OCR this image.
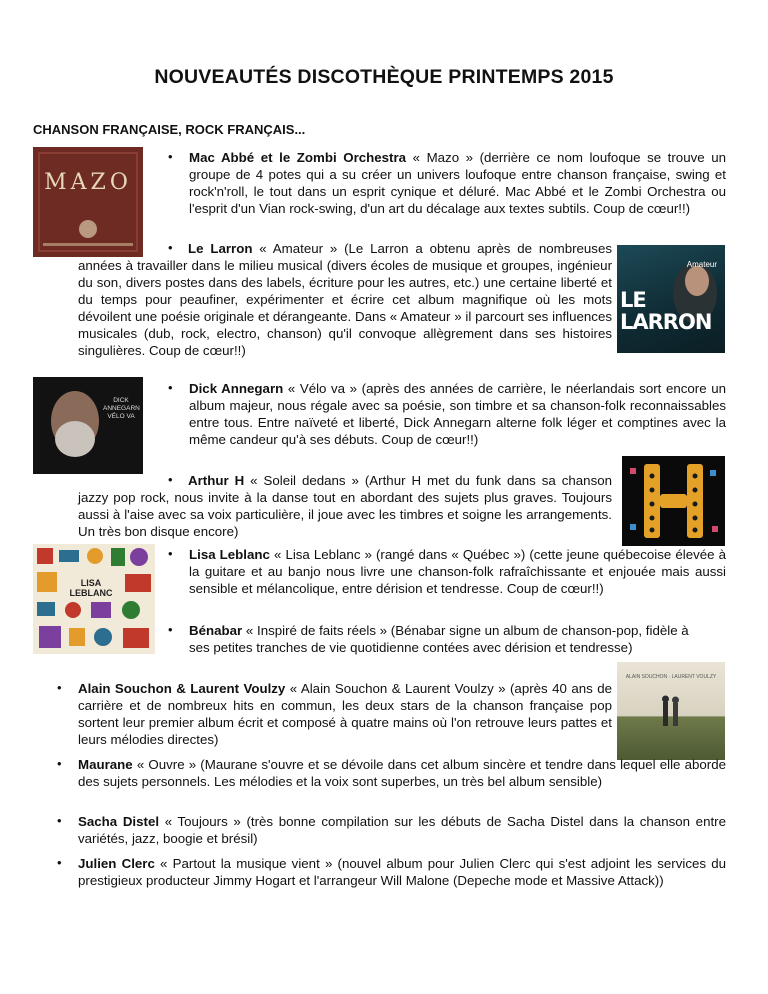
NOUVEAUTÉS DISCOTHÈQUE PRINTEMPS 2015
CHANSON FRANÇAISE, ROCK FRANÇAIS...
MAZO
• Mac Abbé et le Zombi Orchestra « Mazo » (derrière ce nom loufoque se trouve un groupe de 4 potes qui a su créer un univers loufoque entre chanson française, swing et rock'n'roll, le tout dans un esprit cynique et déluré. Mac Abbé et le Zombi Orchestra ou l'esprit d'un Vian rock-swing, d'un art du décalage aux textes subtils. Coup de cœur!!)
Amateur
LE LARRON
•	Le Larron « Amateur » (Le Larron a obtenu après de nombreuses années à travailler dans le milieu musical (divers écoles de musique et groupes, ingénieur du son, divers postes dans des labels, écriture pour les autres, etc.) une certaine liberté et du temps pour peaufiner, expérimenter et écrire cet album magnifique où les mots dévoilent une poésie originale et dérangeante. Dans « Amateur » il parcourt ses influences musicales (dub, rock, electro, chanson) qu'il convoque allègrement dans ses histoires singulières. Coup de cœur!!)
DICK ANNEGARN VÉLO VA
• Dick Annegarn « Vélo va » (après des années de carrière, le néerlandais sort encore un album majeur, nous régale avec sa poésie, son timbre et sa chanson-folk reconnaissables entre tous. Entre naïveté et liberté, Dick Annegarn alterne folk léger et comptines avec la même candeur qu'à ses débuts. Coup de cœur!!)
•	Arthur H « Soleil dedans » (Arthur H met du funk dans sa chanson jazzy pop rock, nous invite à la danse tout en abordant des sujets plus graves. Toujours aussi à l'aise avec sa voix particulière, il joue avec les timbres et soigne les arrangements. Un très bon disque encore)
LISA LEBLANC
• Lisa Leblanc « Lisa Leblanc » (rangé dans « Québec ») (cette jeune québecoise élevée à la guitare et au banjo nous livre une chanson-folk rafraîchissante et enjouée mais aussi sensible et mélancolique, entre dérision et tendresse. Coup de cœur!!)
• Bénabar « Inspiré de faits réels » (Bénabar signe un album de chanson-pop, fidèle à ses petites tranches de vie quotidienne contées avec dérision et tendresse)
ALAIN SOUCHON · LAURENT VOULZY
• Alain Souchon & Laurent Voulzy « Alain Souchon & Laurent Voulzy » (après 40 ans de carrière et de nombreux hits en commun, les deux stars de la chanson française pop sortent leur premier album écrit et composé à quatre mains où l'on retrouve leurs pattes et leurs mélodies directes)
• Maurane « Ouvre » (Maurane s'ouvre et se dévoile dans cet album sincère et tendre dans lequel elle aborde des sujets personnels. Les mélodies et la voix sont superbes, un très bel album sensible)
• Sacha Distel « Toujours » (très bonne compilation sur les débuts de Sacha Distel dans la chanson entre variétés, jazz, boogie et brésil)
• Julien Clerc « Partout la musique vient » (nouvel album pour Julien Clerc qui s'est adjoint les services du prestigieux producteur Jimmy Hogart et l'arrangeur Will Malone (Depeche mode et Massive Attack))
